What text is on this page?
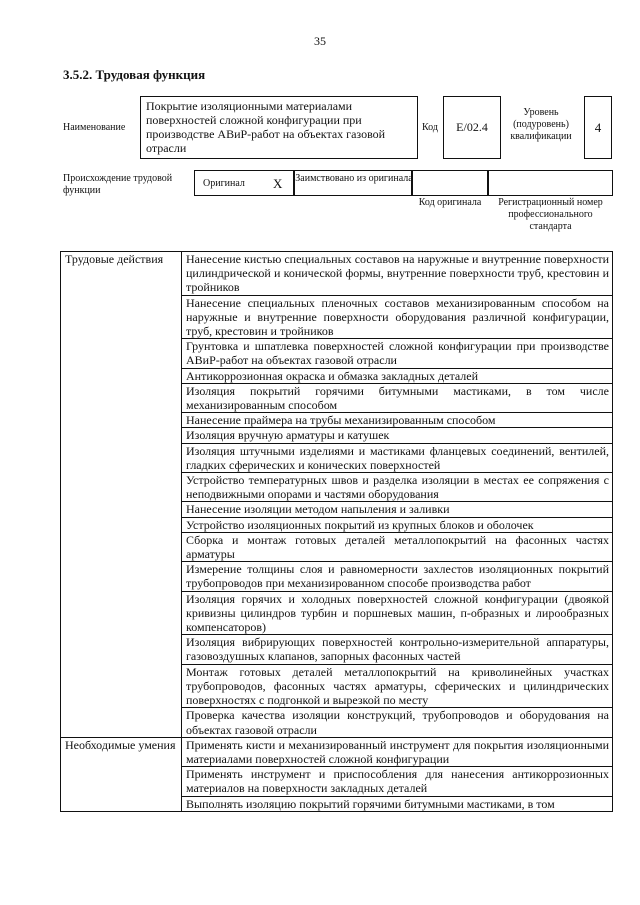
35
3.5.2. Трудовая функция
Наименование
Покрытие изоляционными материалами поверхностей сложной конфигурации при производстве АВиР-работ на объектах газовой отрасли
Код	E/02.4
Уровень (подуровень) квалификации
4
Происхождение трудовой функции
Оригинал X Заимствовано из оригинала
Код оригинала	Регистрационный номер профессионального стандарта
Трудовые действия	Нанесение кистью специальных составов на наружные и внутренние поверхности цилиндрической и конической формы, внутренние поверхности труб, крестовин и тройников
	Нанесение специальных пленочных составов механизированным способом на наружные и внутренние поверхности оборудования различной конфигурации, труб, крестовин и тройников
	Грунтовка и шпатлевка поверхностей сложной конфигурации при производстве АВиР-работ на объектах газовой отрасли
	Антикоррозионная окраска и обмазка закладных деталей
	Изоляция покрытий горячими битумными мастиками, в том числе механизированным способом
	Нанесение праймера на трубы механизированным способом
	Изоляция вручную арматуры и катушек
	Изоляция штучными изделиями и мастиками фланцевых соединений, вентилей, гладких сферических и конических поверхностей
	Устройство температурных швов и разделка изоляции в местах ее сопряжения с неподвижными опорами и частями оборудования
	Нанесение изоляции методом напыления и заливки
	Устройство изоляционных покрытий из крупных блоков и оболочек
	Сборка и монтаж готовых деталей металлопокрытий на фасонных частях арматуры
	Измерение толщины слоя и равномерности захлестов изоляционных покрытий трубопроводов при механизированном способе производства работ
	Изоляция горячих и холодных поверхностей сложной конфигурации (двоякой кривизны цилиндров турбин и поршневых машин, п-образных и лирообразных компенсаторов)
	Изоляция вибрирующих поверхностей контрольно-измерительной аппаратуры, газовоздушных клапанов, запорных фасонных частей
	Монтаж готовых деталей металлопокрытий на криволинейных участках трубопроводов, фасонных частях арматуры, сферических и цилиндрических поверхностях с подгонкой и вырезкой по месту
	Проверка качества изоляции конструкций, трубопроводов и оборудования на объектах газовой отрасли
Необходимые умения	Применять кисти и механизированный инструмент для покрытия изоляционными материалами поверхностей сложной конфигурации
	Применять инструмент и приспособления для нанесения антикоррозионных материалов на поверхности закладных деталей
	Выполнять изоляцию покрытий горячими битумными мастиками, в том
